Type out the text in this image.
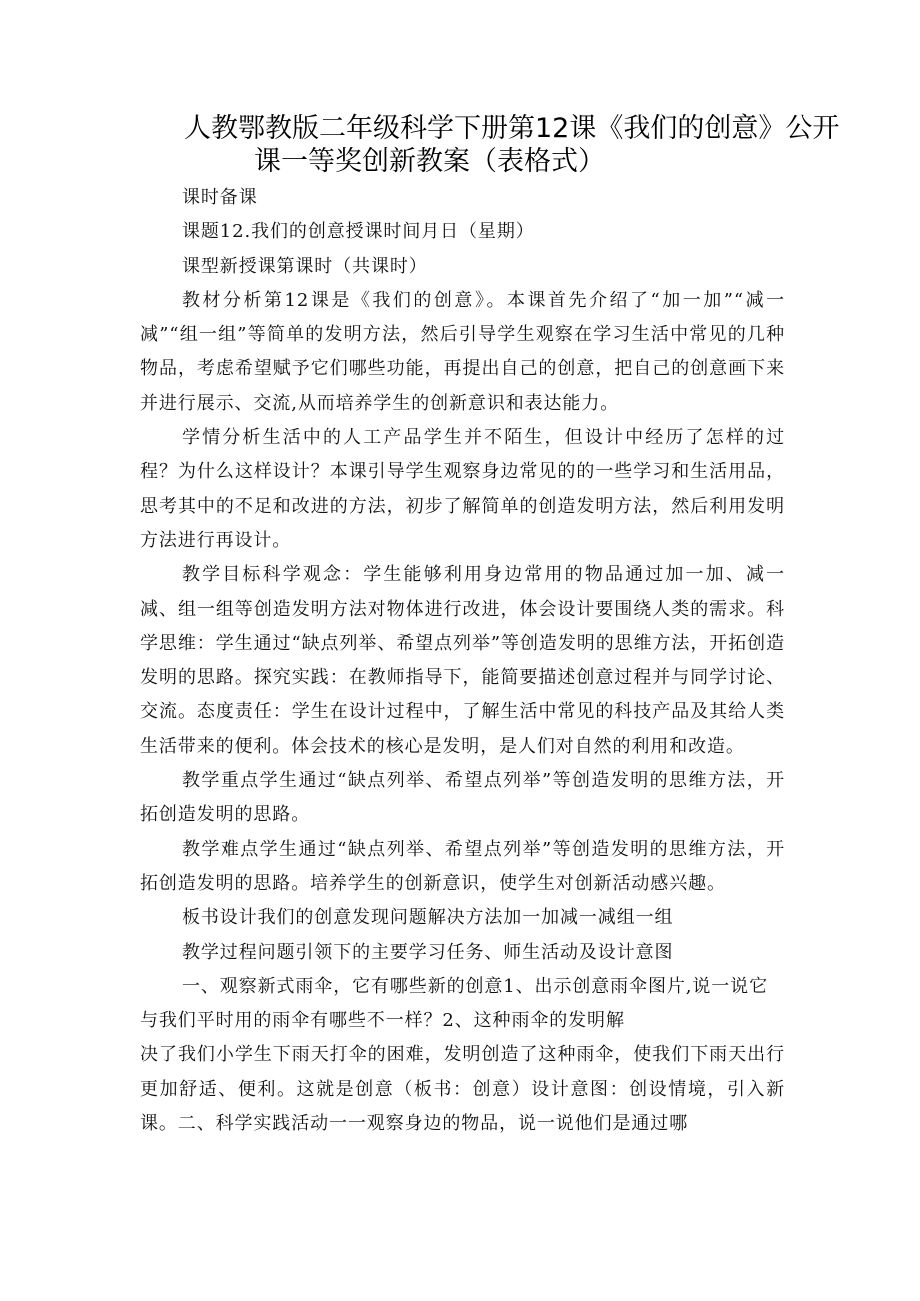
人教鄂教版二年级科学下册第12课《我们的创意》公开
课一等奖创新教案（表格式）

课时备课

课题12.我们的创意授课时间月日（星期）

课型新授课第课时（共课时）

教材分析第12课是《我们的创意》。本课首先介绍了“加一加”“减一减”“组一组”等简单的发明方法，然后引导学生观察在学习生活中常见的几种物品，考虑希望赋予它们哪些功能，再提出自己的创意，把自己的创意画下来并进行展示、交流,从而培养学生的创新意识和表达能力。

学情分析生活中的人工产品学生并不陌生，但设计中经历了怎样的过程？为什么这样设计？本课引导学生观察身边常见的的一些学习和生活用品，思考其中的不足和改进的方法，初步了解简单的创造发明方法，然后利用发明方法进行再设计。

教学目标科学观念：学生能够利用身边常用的物品通过加一加、减一减、组一组等创造发明方法对物体进行改进，体会设计要围绕人类的需求。科学思维：学生通过“缺点列举、希望点列举”等创造发明的思维方法，开拓创造发明的思路。探究实践：在教师指导下，能简要描述创意过程并与同学讨论、交流。态度责任：学生在设计过程中，了解生活中常见的科技产品及其给人类生活带来的便利。体会技术的核心是发明，是人们对自然的利用和改造。

教学重点学生通过“缺点列举、希望点列举”等创造发明的思维方法，开拓创造发明的思路。

教学难点学生通过“缺点列举、希望点列举”等创造发明的思维方法，开拓创造发明的思路。培养学生的创新意识，使学生对创新活动感兴趣。

板书设计我们的创意发现问题解决方法加一加减一减组一组

教学过程问题引领下的主要学习任务、师生活动及设计意图

一、观察新式雨伞，它有哪些新的创意1、出示创意雨伞图片,说一说它与我们平时用的雨伞有哪些不一样？2、这种雨伞的发明解

决了我们小学生下雨天打伞的困难，发明创造了这种雨伞，使我们下雨天出行更加舒适、便利。这就是创意（板书：创意）设计意图：创设情境，引入新课。二、科学实践活动一一观察身边的物品，说一说他们是通过哪
